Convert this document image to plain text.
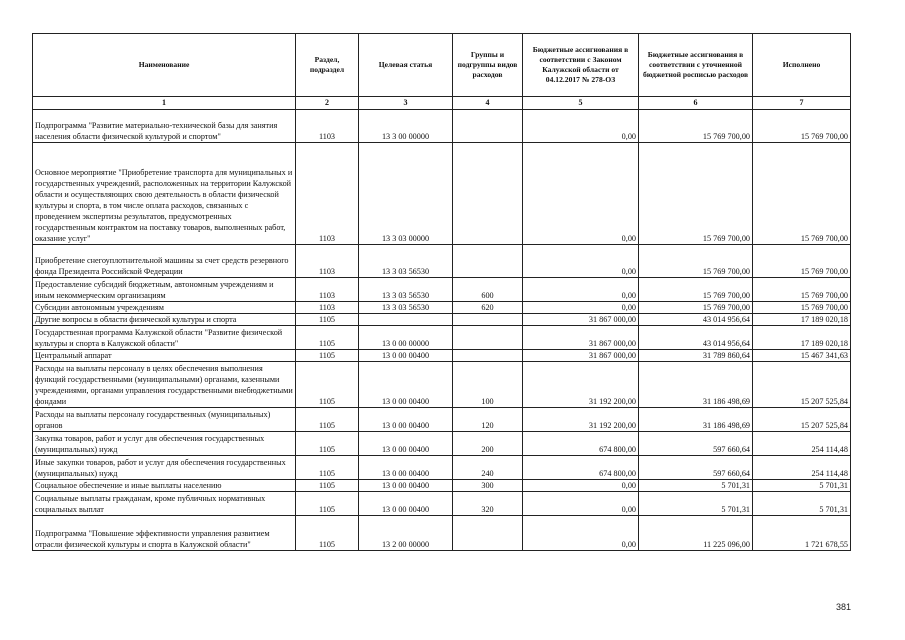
Наименование	Раздел, подраздел	Целевая статья	Группы и подгруппы видов расходов	Бюджетные ассигнования в соответствии с Законом Калужской области от 04.12.2017 № 278-ОЗ	Бюджетные ассигнования в соответствии с уточненной бюджетной росписью расходов	Исполнено
1	2	3	4	5	6	7
Подпрограмма "Развитие материально-технической базы для занятия населения области физической культурой и спортом"	1103	13 3 00 00000		0,00	15 769 700,00	15 769 700,00
Основное мероприятие "Приобретение транспорта для муниципальных и государственных учреждений, расположенных на территории Калужской области и осуществляющих свою деятельность в области физической культуры и спорта, в том числе оплата расходов, связанных с проведением экспертизы результатов, предусмотренных государственным контрактом на поставку товаров, выполненных работ, оказание услуг"	1103	13 3 03 00000		0,00	15 769 700,00	15 769 700,00
Приобретение снегоуплотнительной машины за счет средств резервного фонда Президента Российской Федерации	1103	13 3 03 56530		0,00	15 769 700,00	15 769 700,00
Предоставление субсидий бюджетным, автономным учреждениям и иным некоммерческим организациям	1103	13 3 03 56530	600	0,00	15 769 700,00	15 769 700,00
Субсидии автономным учреждениям	1103	13 3 03 56530	620	0,00	15 769 700,00	15 769 700,00
Другие вопросы в области физической культуры и спорта	1105			31 867 000,00	43 014 956,64	17 189 020,18
Государственная программа Калужской области "Развитие физической культуры и спорта в Калужской области"	1105	13 0 00 00000		31 867 000,00	43 014 956,64	17 189 020,18
Центральный аппарат	1105	13 0 00 00400		31 867 000,00	31 789 860,64	15 467 341,63
Расходы на выплаты персоналу в целях обеспечения выполнения функций государственными (муниципальными) органами, казенными учреждениями, органами управления государственными внебюджетными фондами	1105	13 0 00 00400	100	31 192 200,00	31 186 498,69	15 207 525,84
Расходы на выплаты персоналу государственных (муниципальных) органов	1105	13 0 00 00400	120	31 192 200,00	31 186 498,69	15 207 525,84
Закупка товаров, работ и услуг для обеспечения государственных (муниципальных) нужд	1105	13 0 00 00400	200	674 800,00	597 660,64	254 114,48
Иные закупки товаров, работ и услуг для обеспечения государственных (муниципальных) нужд	1105	13 0 00 00400	240	674 800,00	597 660,64	254 114,48
Социальное обеспечение и иные выплаты населению	1105	13 0 00 00400	300	0,00	5 701,31	5 701,31
Социальные выплаты гражданам, кроме публичных нормативных социальных выплат	1105	13 0 00 00400	320	0,00	5 701,31	5 701,31
Подпрограмма "Повышение эффективности управления развитием отрасли физической культуры и спорта в Калужской области"	1105	13 2 00 00000		0,00	11 225 096,00	1 721 678,55
381
